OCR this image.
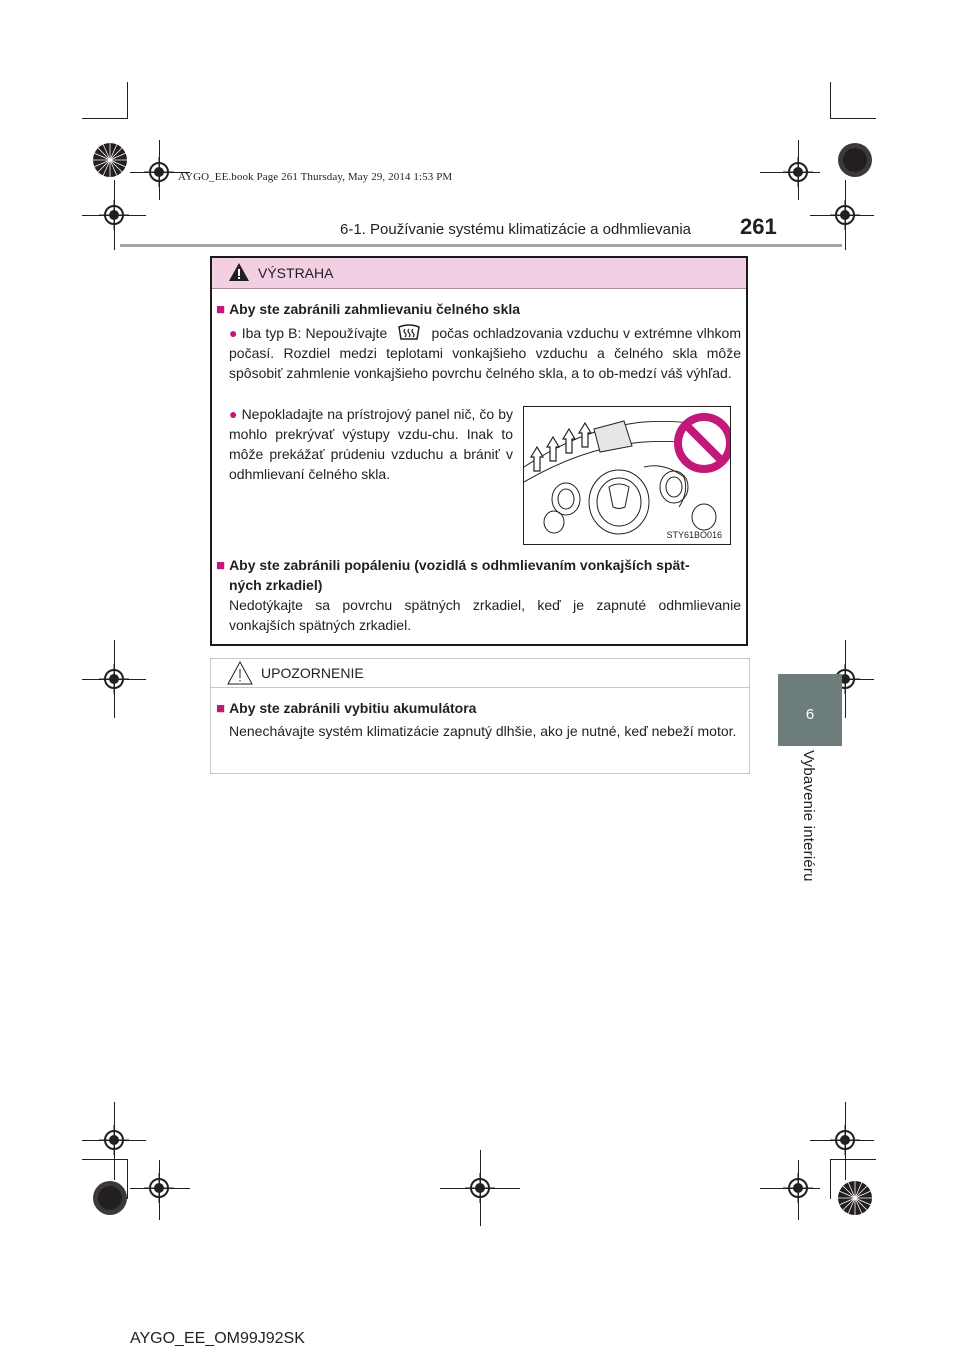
AYGO_EE.book Page 261 Thursday, May 29, 2014 1:53 PM
6-1. Používanie systému klimatizácie a odhmlievania 261
6
Vybavenie interiéru
VÝSTRAHA
■ Aby ste zabránili zahmlievaniu čelného skla
● Iba typ B: Nepoužívajte	počas ochladzovania vzduchu v extrémne vlhkom počasí. Rozdiel medzi teplotami vonkajšieho vzduchu a čelného skla môže spôsobiť zahmlenie vonkajšieho povrchu čelného skla, a to ob-medzí váš výhľad.
● Nepokladajte na prístrojový panel nič, čo by mohlo prekrývať výstupy vzdu-chu. Inak to môže prekážať prúdeniu vzduchu a brániť v odhmlievaní čelného skla.
STY61BO016
■ Aby ste zabránili popáleniu (vozidlá s odhmlievaním vonkajších spät-
ných zrkadiel)
Nedotýkajte sa povrchu spätných zrkadiel, keď je zapnuté odhmlievanie vonkajších spätných zrkadiel.
UPOZORNENIE
■ Aby ste zabránili vybitiu akumulátora
Nenechávajte systém klimatizácie zapnutý dlhšie, ako je nutné, keď nebeží motor.
AYGO_EE_OM99J92SK
